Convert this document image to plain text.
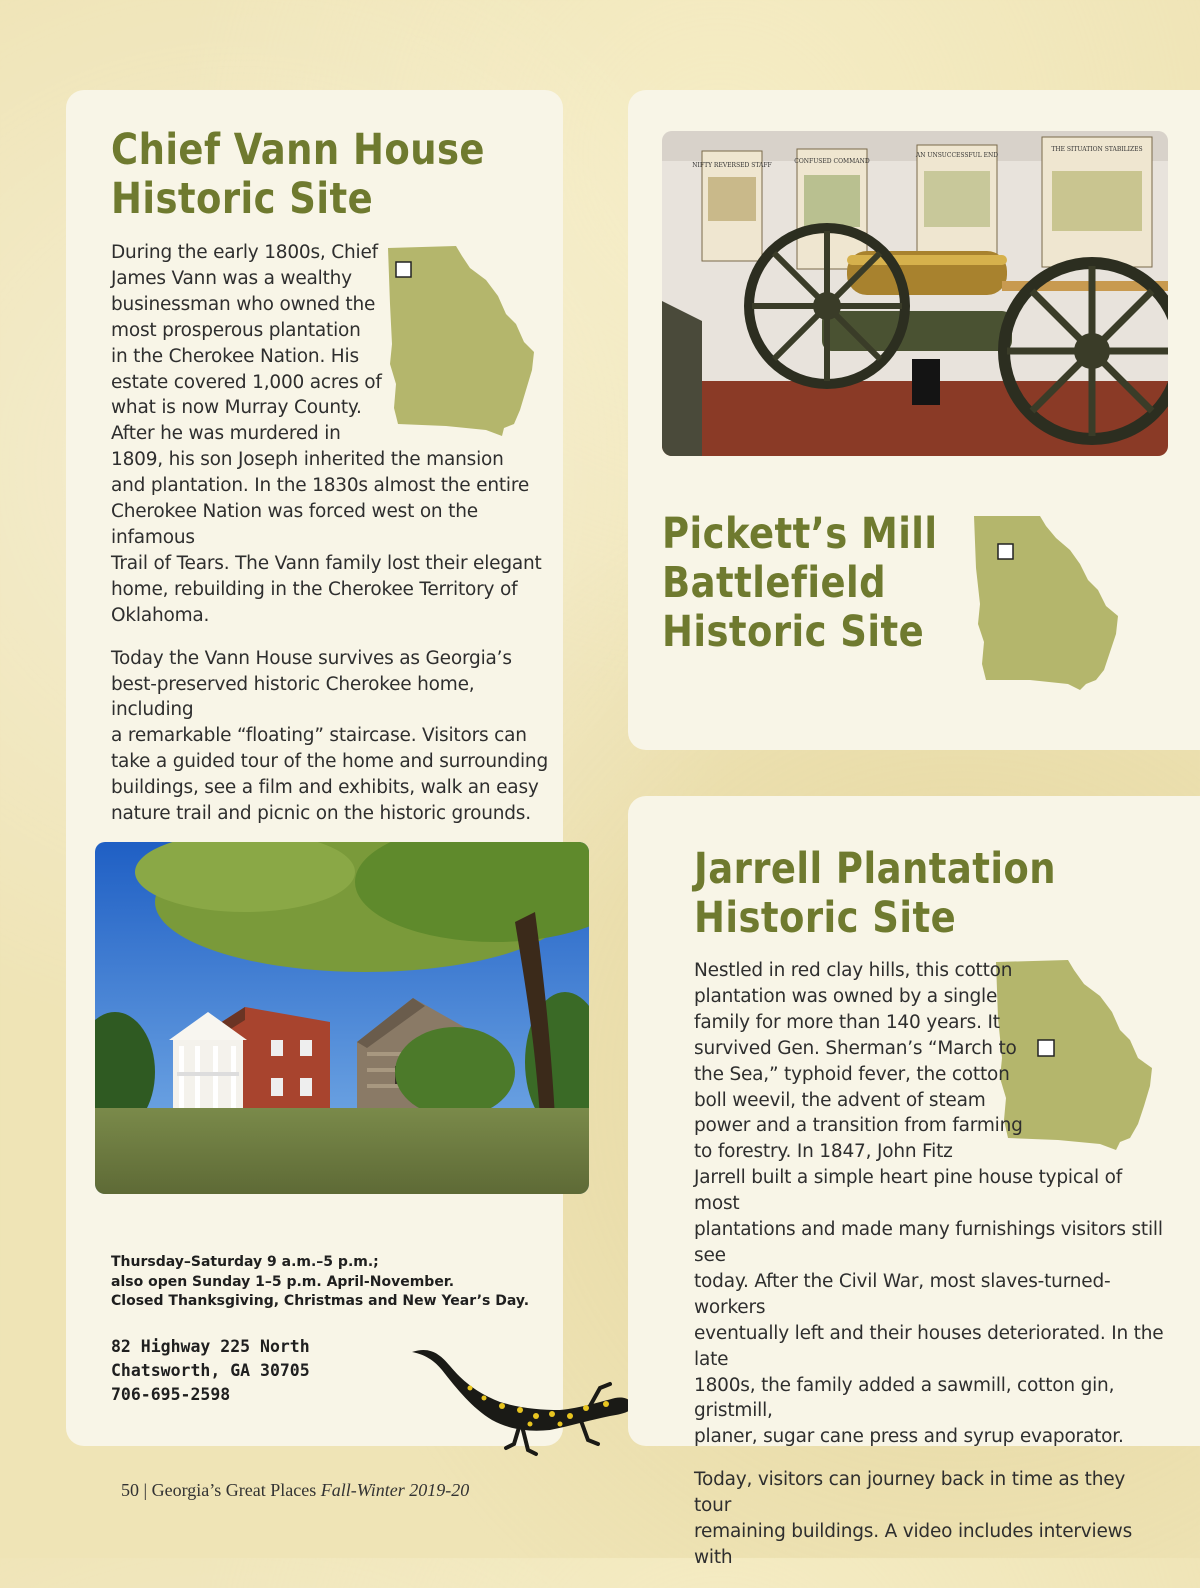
Chief Vann House
Historic Site

During the early 1800s, Chief
James Vann was a wealthy
businessman who owned the
most prosperous plantation
in the Cherokee Nation. His
estate covered 1,000 acres of
what is now Murray County.
After he was murdered in
1809, his son Joseph inherited the mansion
and plantation. In the 1830s almost the entire
Cherokee Nation was forced west on the infamous
Trail of Tears. The Vann family lost their elegant
home, rebuilding in the Cherokee Territory of
Oklahoma.

Today the Vann House survives as Georgia’s
best-preserved historic Cherokee home, including
a remarkable “floating” staircase. Visitors can
take a guided tour of the home and surrounding
buildings, see a film and exhibits, walk an easy
nature trail and picnic on the historic grounds.

Thursday–Saturday 9 a.m.–5 p.m.;
also open Sunday 1–5 p.m. April-November.
Closed Thanksgiving, Christmas and New Year’s Day.
82 Highway 225 North
Chatsworth, GA 30705
706-695-2598
NIFTY REVERSED STAFF
CONFUSED COMMAND
AN UNSUCCESSFUL END
THE SITUATION STABILIZES
Pickett’s Mill
Battlefield
Historic Site
Jarrell Plantation
Historic Site

Nestled in red clay hills, this cotton
plantation was owned by a single
family for more than 140 years. It
survived Gen. Sherman’s “March to
the Sea,” typhoid fever, the cotton
boll weevil, the advent of steam
power and a transition from farming
to forestry. In 1847, John Fitz
Jarrell built a simple heart pine house typical of most
plantations and made many furnishings visitors still see
today. After the Civil War, most slaves-turned-workers
eventually left and their houses deteriorated. In the late
1800s, the family added a sawmill, cotton gin, gristmill,
planer, sugar cane press and syrup evaporator.

Today, visitors can journey back in time as they tour
remaining buildings. A video includes interviews with

50 | Georgia’s Great Places Fall-Winter 2019-20
